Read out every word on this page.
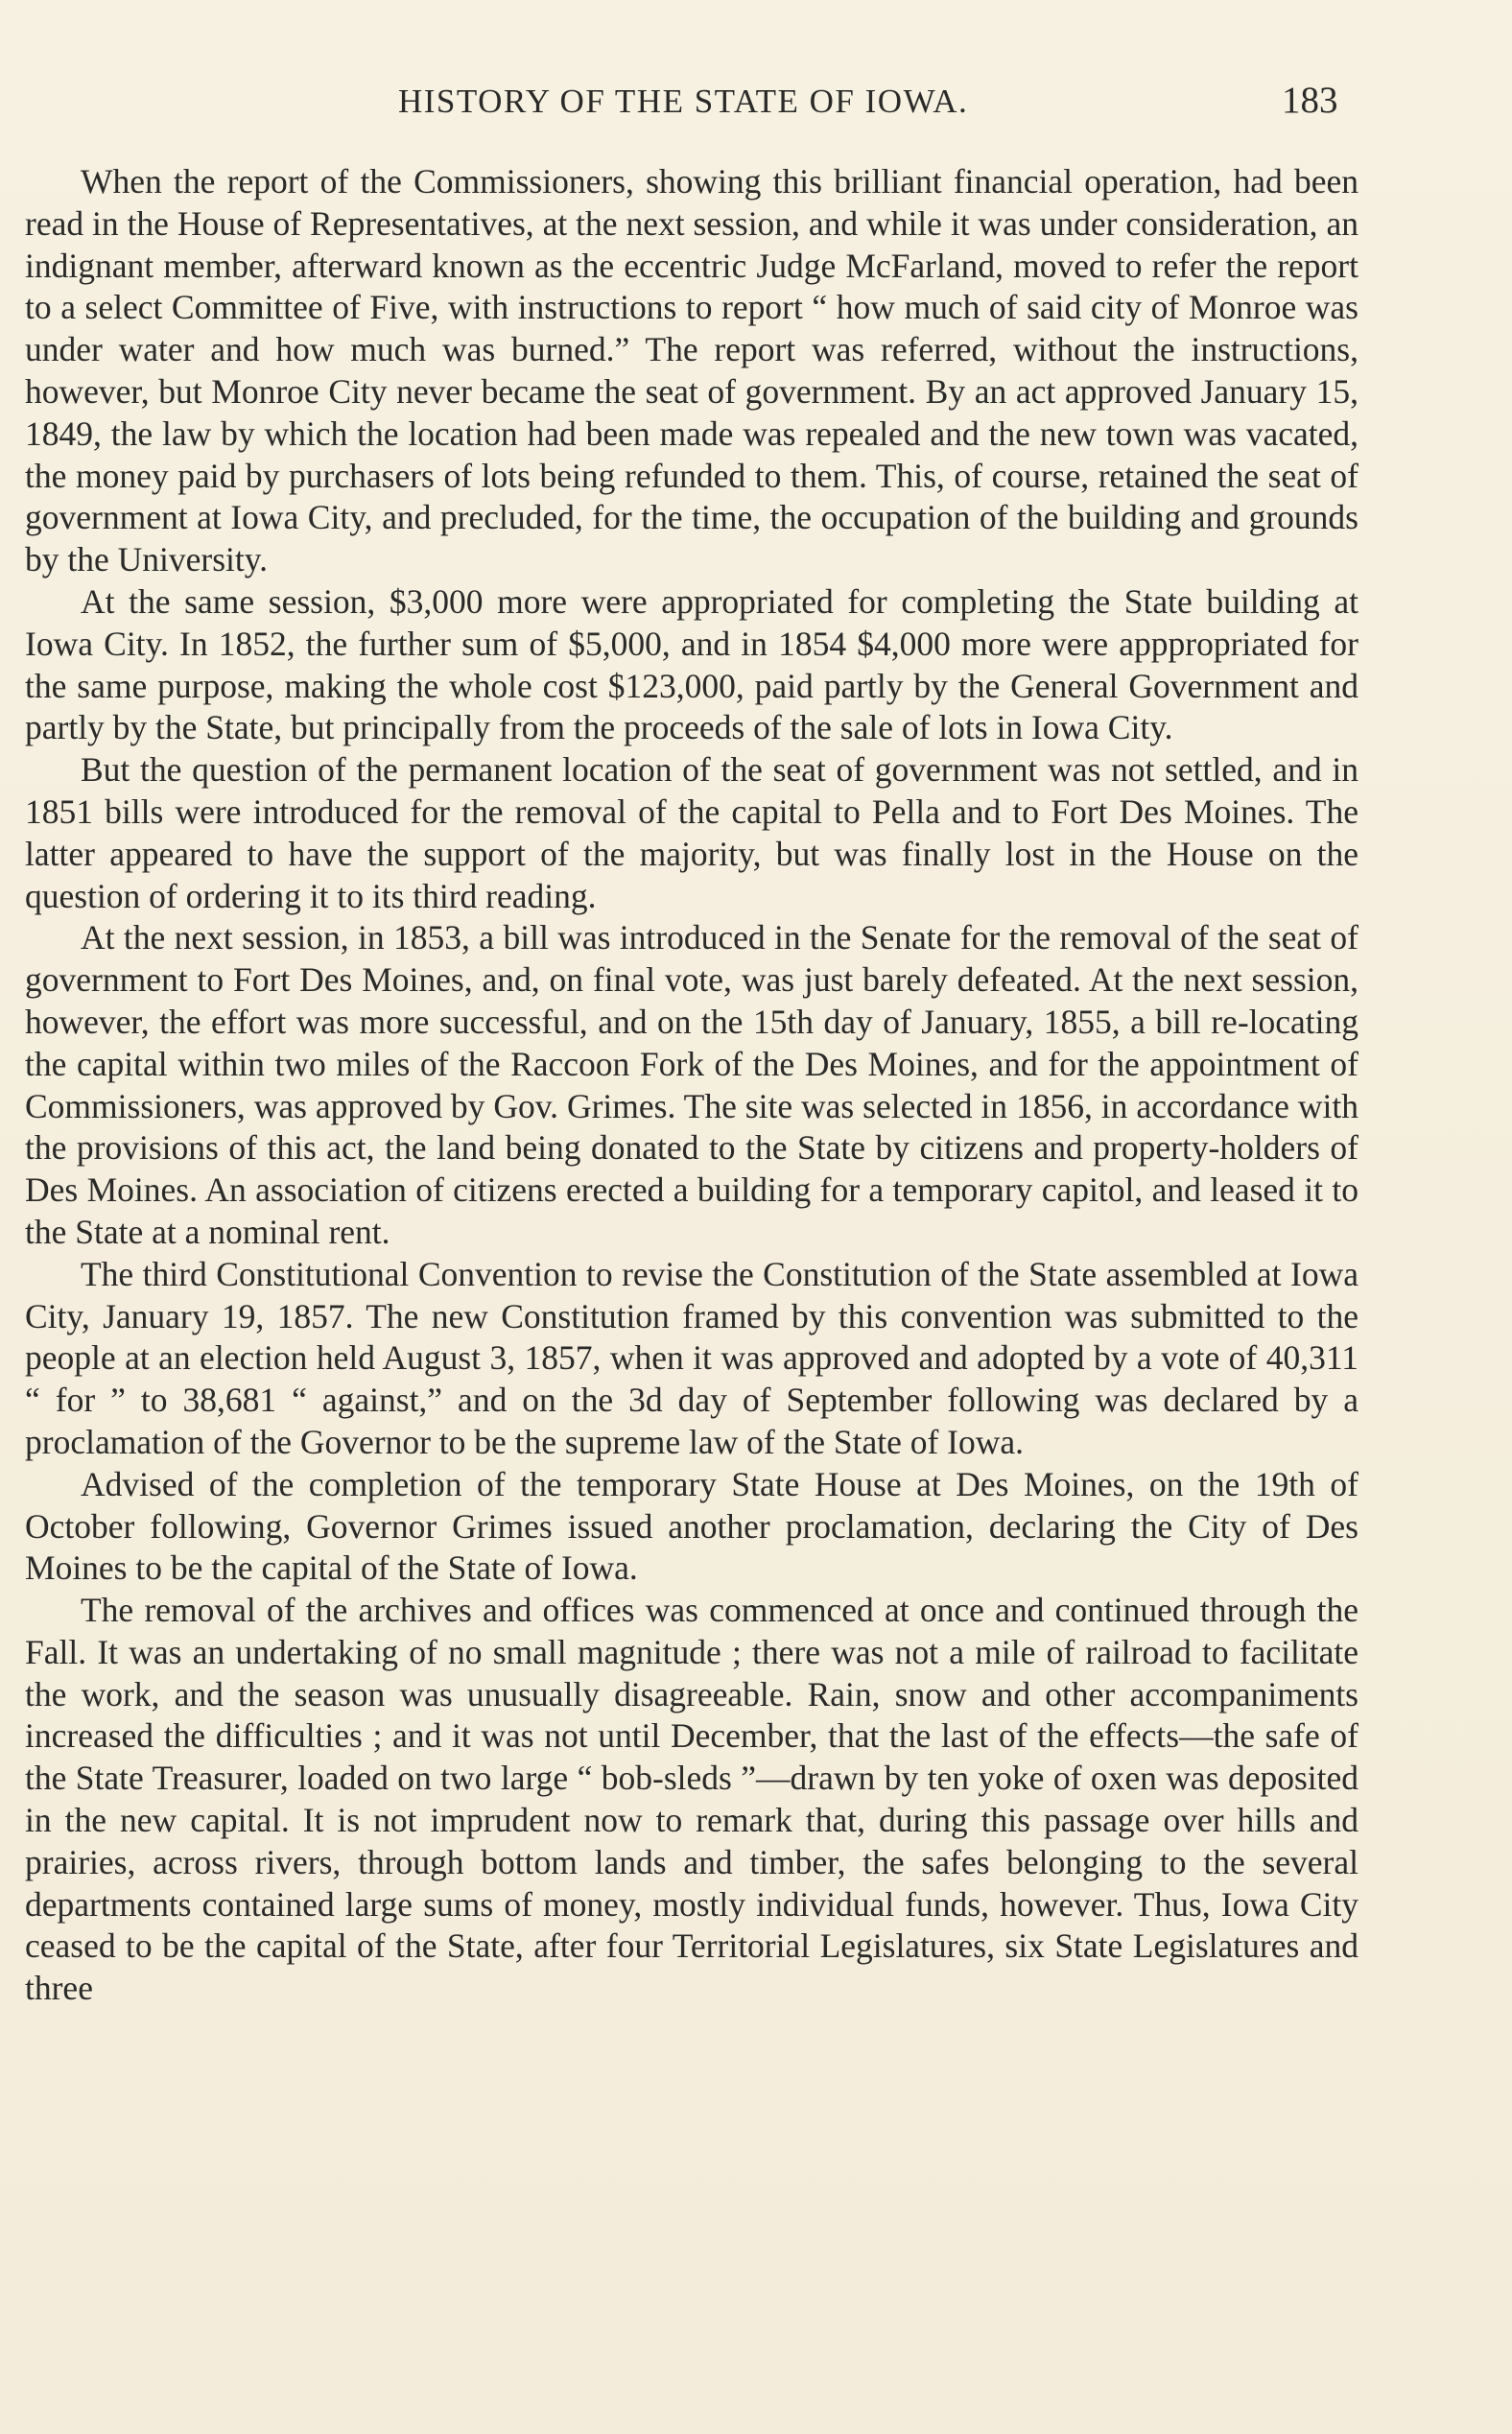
HISTORY OF THE STATE OF IOWA.	183

When the report of the Commissioners, showing this brilliant financial operation, had been read in the House of Representatives, at the next session, and while it was under consideration, an indignant member, afterward known as the eccentric Judge McFarland, moved to refer the report to a select Committee of Five, with instructions to report “ how much of said city of Monroe was under water and how much was burned.” The report was referred, without the instructions, however, but Monroe City never became the seat of government. By an act approved January 15, 1849, the law by which the location had been made was repealed and the new town was vacated, the money paid by purchasers of lots being refunded to them. This, of course, retained the seat of government at Iowa City, and precluded, for the time, the occupation of the building and grounds by the University.

At the same session, $3,000 more were appropriated for completing the State building at Iowa City. In 1852, the further sum of $5,000, and in 1854 $4,000 more were apppropriated for the same purpose, making the whole cost $123,000, paid partly by the General Government and partly by the State, but principally from the proceeds of the sale of lots in Iowa City.

But the question of the permanent location of the seat of government was not settled, and in 1851 bills were introduced for the removal of the capital to Pella and to Fort Des Moines. The latter appeared to have the support of the majority, but was finally lost in the House on the question of ordering it to its third reading.

At the next session, in 1853, a bill was introduced in the Senate for the removal of the seat of government to Fort Des Moines, and, on final vote, was just barely defeated. At the next session, however, the effort was more successful, and on the 15th day of January, 1855, a bill re-locating the capital within two miles of the Raccoon Fork of the Des Moines, and for the appointment of Commissioners, was approved by Gov. Grimes. The site was selected in 1856, in accordance with the provisions of this act, the land being donated to the State by citizens and property-holders of Des Moines. An association of citizens erected a building for a temporary capitol, and leased it to the State at a nominal rent.

The third Constitutional Convention to revise the Constitution of the State assembled at Iowa City, January 19, 1857. The new Constitution framed by this convention was submitted to the people at an election held August 3, 1857, when it was approved and adopted by a vote of 40,311 “ for ” to 38,681 “ against,” and on the 3d day of September following was declared by a proclamation of the Governor to be the supreme law of the State of Iowa.

Advised of the completion of the temporary State House at Des Moines, on the 19th of October following, Governor Grimes issued another proclamation, declaring the City of Des Moines to be the capital of the State of Iowa.

The removal of the archives and offices was commenced at once and continued through the Fall. It was an undertaking of no small magnitude ; there was not a mile of railroad to facilitate the work, and the season was unusually disagreeable. Rain, snow and other accompaniments increased the difficulties ; and it was not until December, that the last of the effects—the safe of the State Treasurer, loaded on two large “ bob-sleds ”—drawn by ten yoke of oxen was deposited in the new capital. It is not imprudent now to remark that, during this passage over hills and prairies, across rivers, through bottom lands and timber, the safes belonging to the several departments contained large sums of money, mostly individual funds, however. Thus, Iowa City ceased to be the capital of the State, after four Territorial Legislatures, six State Legislatures and three
